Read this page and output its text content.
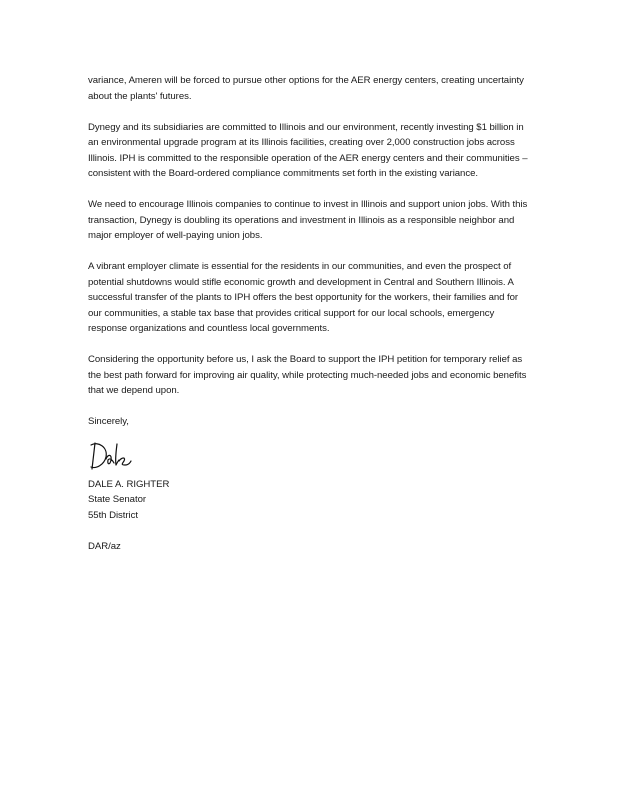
variance, Ameren will be forced to pursue other options for the AER energy centers, creating uncertainty about the plants' futures.

Dynegy and its subsidiaries are committed to Illinois and our environment, recently investing $1 billion in an environmental upgrade program at its Illinois facilities, creating over 2,000 construction jobs across Illinois. IPH is committed to the responsible operation of the AER energy centers and their communities – consistent with the Board-ordered compliance commitments set forth in the existing variance.

We need to encourage Illinois companies to continue to invest in Illinois and support union jobs. With this transaction, Dynegy is doubling its operations and investment in Illinois as a responsible neighbor and major employer of well-paying union jobs.

A vibrant employer climate is essential for the residents in our communities, and even the prospect of potential shutdowns would stifle economic growth and development in Central and Southern Illinois. A successful transfer of the plants to IPH offers the best opportunity for the workers, their families and for our communities, a stable tax base that provides critical support for our local schools, emergency response organizations and countless local governments.

Considering the opportunity before us, I ask the Board to support the IPH petition for temporary relief as the best path forward for improving air quality, while protecting much-needed jobs and economic benefits that we depend upon.

Sincerely,

DALE A. RIGHTER

State Senator

55th District

DAR/az
